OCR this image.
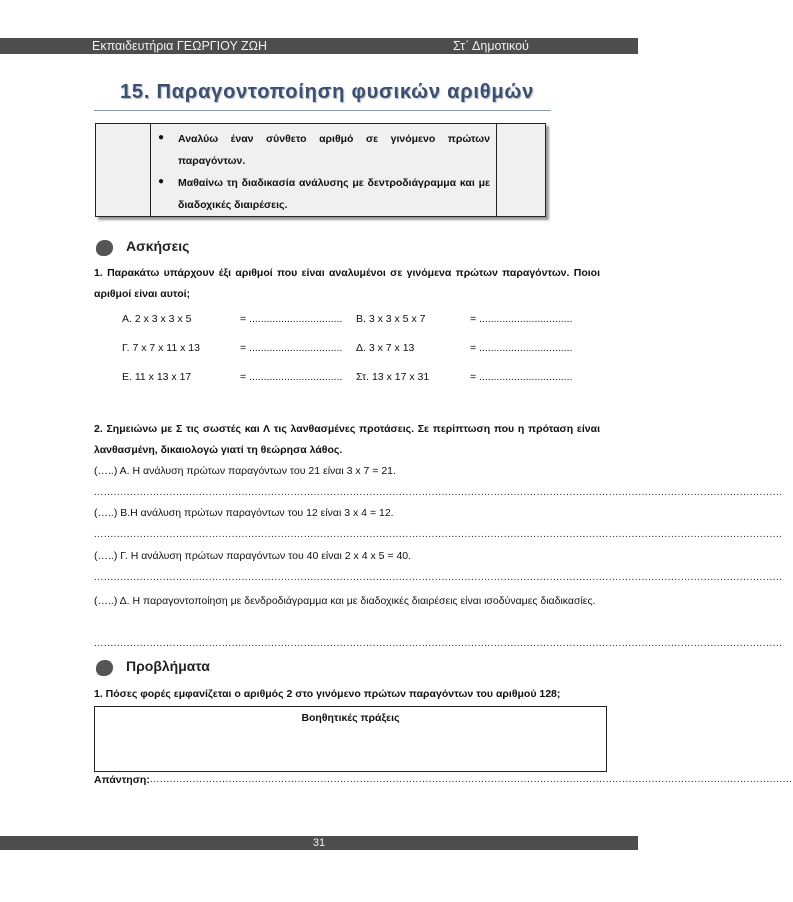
Εκπαιδευτήρια ΓΕΩΡΓΙΟΥ ΖΩΗ	Στ΄ Δημοτικού
15. Παραγοντοποίηση φυσικών αριθμών
● Αναλύω έναν σύνθετο αριθμό σε γινόμενο πρώτων παραγόντων.
● Μαθαίνω τη διαδικασία ανάλυσης με δεντροδιάγραμμα και με διαδοχικές διαιρέσεις.
Ασκήσεις
1. Παρακάτω υπάρχουν έξι αριθμοί που είναι αναλυμένοι σε γινόμενα πρώτων παραγόντων. Ποιοι αριθμοί είναι αυτοί;
Α. 2 x 3 x 3 x 5	= ................................ Β. 3 x 3 x 5 x 7	= ................................
Γ. 7 x 7 x 11 x 13	= ................................ Δ. 3 x 7 x 13	= ................................
Ε. 11 x 13 x 17	= ................................ Στ. 13 x 17 x 31	= ................................
2. Σημειώνω με Σ τις σωστές και Λ τις λανθασμένες προτάσεις. Σε περίπτωση που η πρόταση είναι λανθασμένη, δικαιολογώ γιατί τη θεώρησα λάθος.
(…..) Α. Η ανάλυση πρώτων παραγόντων του 21 είναι 3 x 7 = 21.
..................................................................................................................................................................................................................
(…..) Β.Η ανάλυση πρώτων παραγόντων του 12 είναι 3 x 4 = 12.
..................................................................................................................................................................................................................
(…..) Γ. Η ανάλυση πρώτων παραγόντων του 40 είναι 2 x 4 x 5 = 40.
..................................................................................................................................................................................................................
(…..) Δ. Η παραγοντοποίηση με δενδροδιάγραμμα και με διαδοχικές διαιρέσεις είναι ισοδύναμες διαδικασίες.
..................................................................................................................................................................................................................
Προβλήματα
1. Πόσες φορές εμφανίζεται ο αριθμός 2 στο γινόμενο πρώτων παραγόντων του αριθμού 128;
Βοηθητικές πράξεις
Απάντηση: ....................................................................................................................................................................................................
31
